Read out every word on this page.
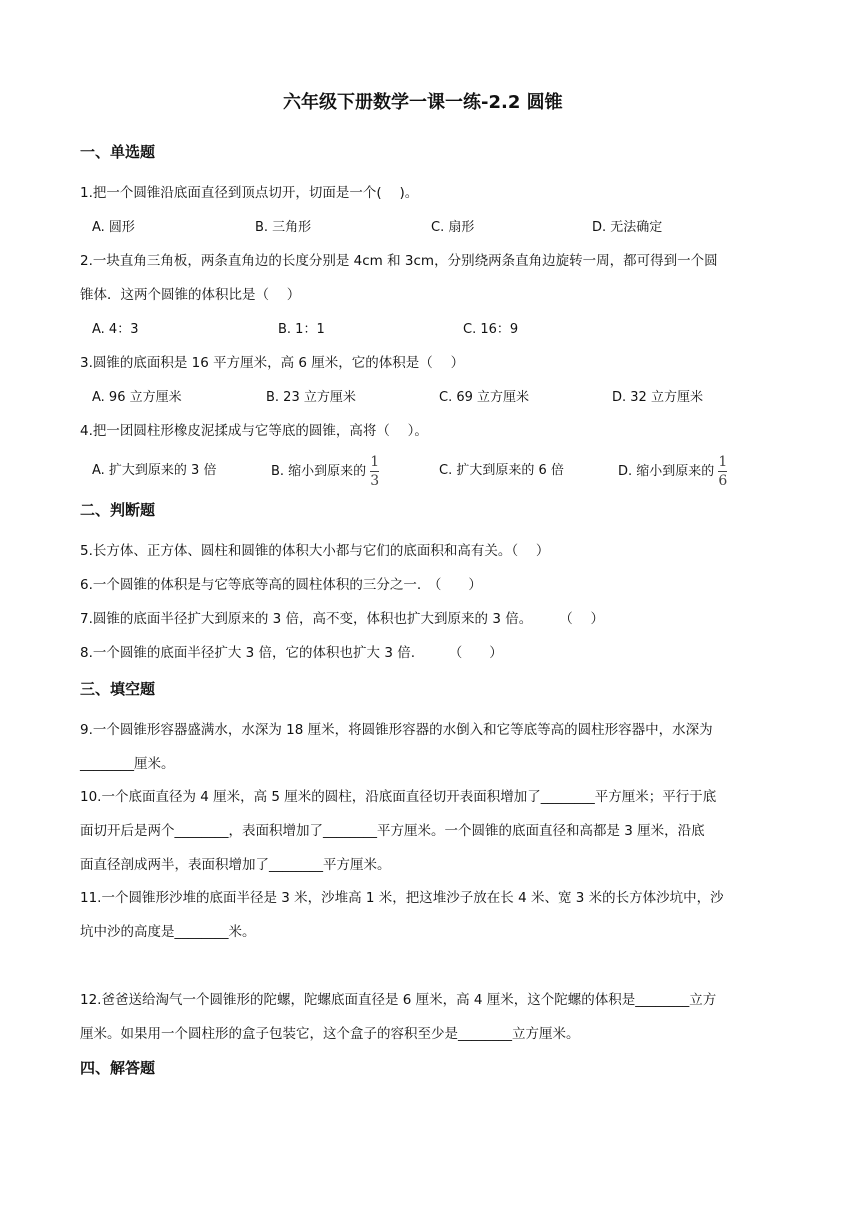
六年级下册数学一课一练-2.2 圆锥
一、单选题
1.把一个圆锥沿底面直径到顶点切开，切面是一个(　 )。
A. 圆形	B. 三角形	C. 扇形	D. 无法确定
2.一块直角三角板，两条直角边的长度分别是 4cm 和 3cm，分别绕两条直角边旋转一周，都可得到一个圆
锥体．这两个圆锥的体积比是（　 ）
A. 4：3	B. 1：1	C. 16：9
3.圆锥的底面积是 16 平方厘米，高 6 厘米，它的体积是（　 ）
A. 96 立方厘米	B. 23 立方厘米	C. 69 立方厘米	D. 32 立方厘米
4.把一团圆柱形橡皮泥揉成与它等底的圆锥，高将（　 ）。
A. 扩大到原来的 3 倍	B. 缩小到原来的 $\frac{1}{3}$	C. 扩大到原来的 6 倍	D. 缩小到原来的 $\frac{1}{6}$
二、判断题
5.长方体、正方体、圆柱和圆锥的体积大小都与它们的底面积和高有关。（　 ）
6.一个圆锥的体积是与它等底等高的圆柱体积的三分之一.　（　　）
7.圆锥的底面半径扩大到原来的 3 倍，高不变，体积也扩大到原来的 3 倍。　　　（　 ）
8.一个圆锥的底面半径扩大 3 倍，它的体积也扩大 3 倍.　　　（　　）
三、填空题
9.一个圆锥形容器盛满水，水深为 18 厘米，将圆锥形容器的水倒入和它等底等高的圆柱形容器中，水深为
________厘米。
10.一个底面直径为 4 厘米，高 5 厘米的圆柱，沿底面直径切开表面积增加了________平方厘米；平行于底
面切开后是两个________，表面积增加了________平方厘米。一个圆锥的底面直径和高都是 3 厘米，沿底
面直径剖成两半，表面积增加了________平方厘米。
11.一个圆锥形沙堆的底面半径是 3 米，沙堆高 1 米，把这堆沙子放在长 4 米、宽 3 米的长方体沙坑中，沙
坑中沙的高度是________米。
12.爸爸送给淘气一个圆锥形的陀螺，陀螺底面直径是 6 厘米，高 4 厘米，这个陀螺的体积是________立方
厘米。如果用一个圆柱形的盒子包装它，这个盒子的容积至少是________立方厘米。
四、解答题
